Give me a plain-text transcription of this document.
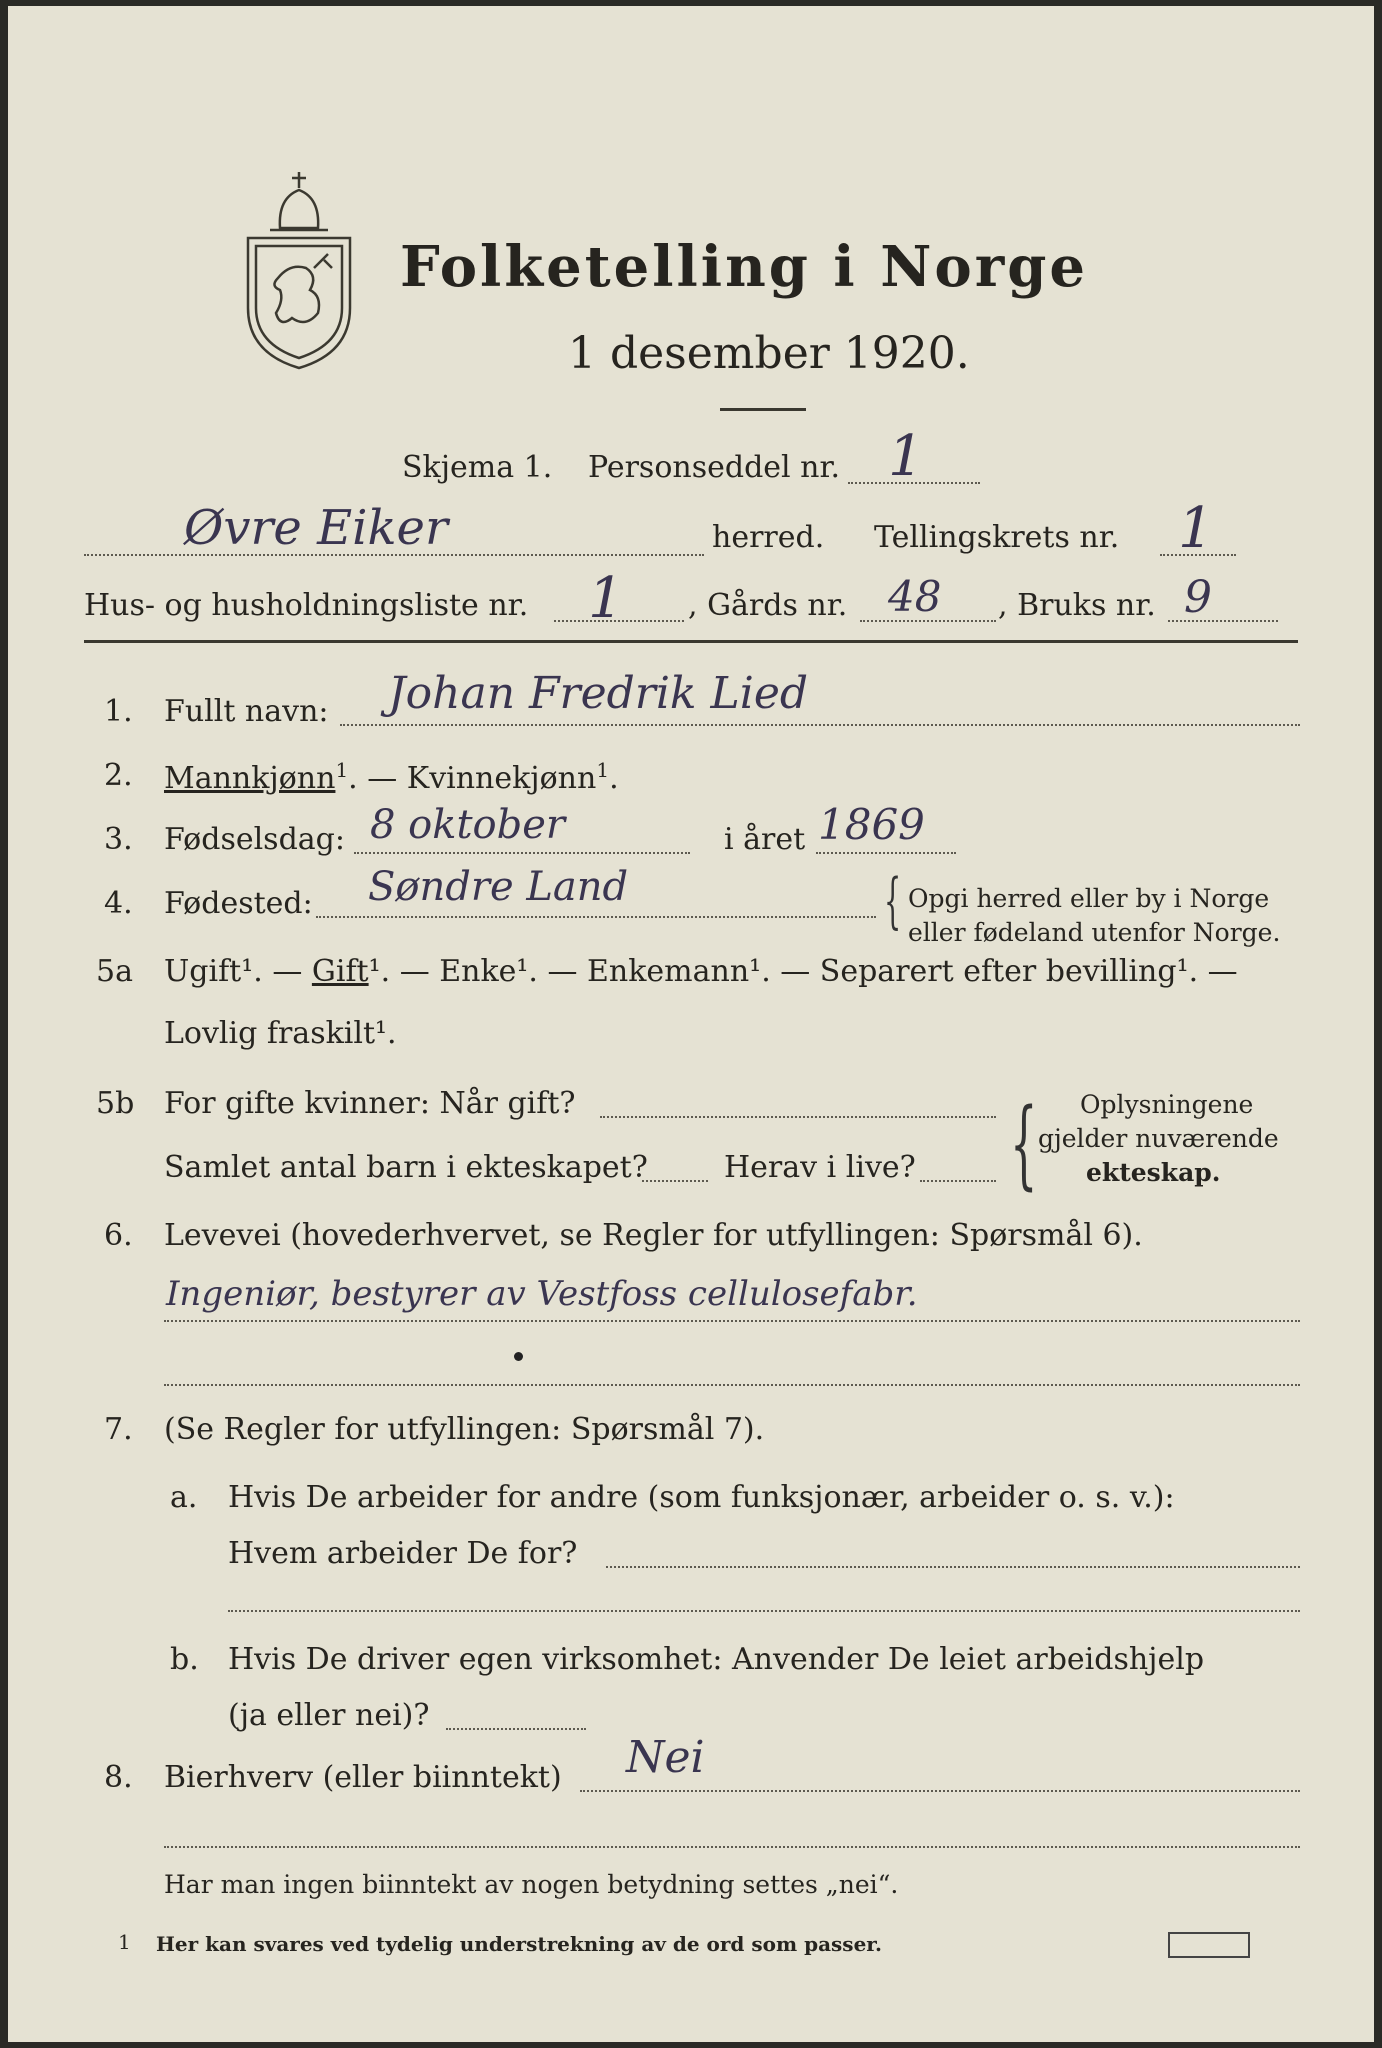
Folketelling i Norge
1 desember 1920.
Skjema 1. Personseddel nr. 1
Øvre Eiker	herred. Tellingskrets nr. 1
Hus- og husholdningsliste nr. 1 , Gårds nr. 48 , Bruks nr. 9
1. Fullt navn: Johan Fredrik Lied
2. Mannkjønn$^1$. — Kvinnekjønn$^1$.
3. Fødselsdag: 8 oktober	i året 1869
4. Fødested: Søndre Land	{ Opgi herred eller by i Norge
eller fødeland utenfor Norge.
5a Ugift¹. — Gift¹. — Enke¹. — Enkemann¹. — Separert efter bevilling¹. —
Lovlig fraskilt¹.
5b For gifte kvinner: Når gift?
Samlet antal barn i ekteskapet?	Herav i live? { Oplysningene
gjelder nuværende
ekteskap.
6. Levevei (hovederhvervet, se Regler for utfyllingen: Spørsmål 6).
Ingeniør, bestyrer av Vestfoss cellulosefabr.
7. (Se Regler for utfyllingen: Spørsmål 7).
a. Hvis De arbeider for andre (som funksjonær, arbeider o. s. v.):
Hvem arbeider De for?
b. Hvis De driver egen virksomhet: Anvender De leiet arbeidshjelp
(ja eller nei)?
8. Bierhverv (eller biinntekt) Nei
Har man ingen biinntekt av nogen betydning settes „nei“.
1 Her kan svares ved tydelig understrekning av de ord som passer.
